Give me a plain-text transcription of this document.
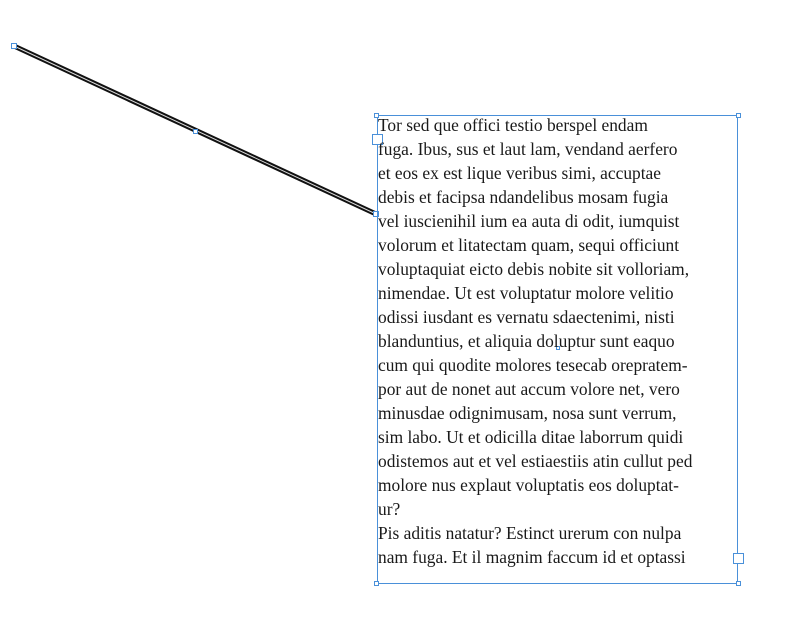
Tor sed que offici testio berspel endam
fuga. Ibus, sus et laut lam, vendand aerfero
et eos ex est lique veribus simi, accuptae
debis et facipsa ndandelibus mosam fugia
vel iuscienihil ium ea auta di odit, iumquist
volorum et litatectam quam, sequi officiunt
voluptaquiat eicto debis nobite sit volloriam,
nimendae. Ut est voluptatur molore velitio
odissi iusdant es vernatu sdaectenimi, nisti
blanduntius, et aliquia doluptur sunt eaquo
cum qui quodite molores tesecab orepratem-
por aut de nonet aut accum volore net, vero
minusdae odignimusam, nosa sunt verrum,
sim labo. Ut et odicilla ditae laborrum quidi
odistemos aut et vel estiaestiis atin cullut ped
molore nus explaut voluptatis eos doluptat-
ur?
Pis aditis natatur? Estinct urerum con nulpa
nam fuga. Et il magnim faccum id et optassi
